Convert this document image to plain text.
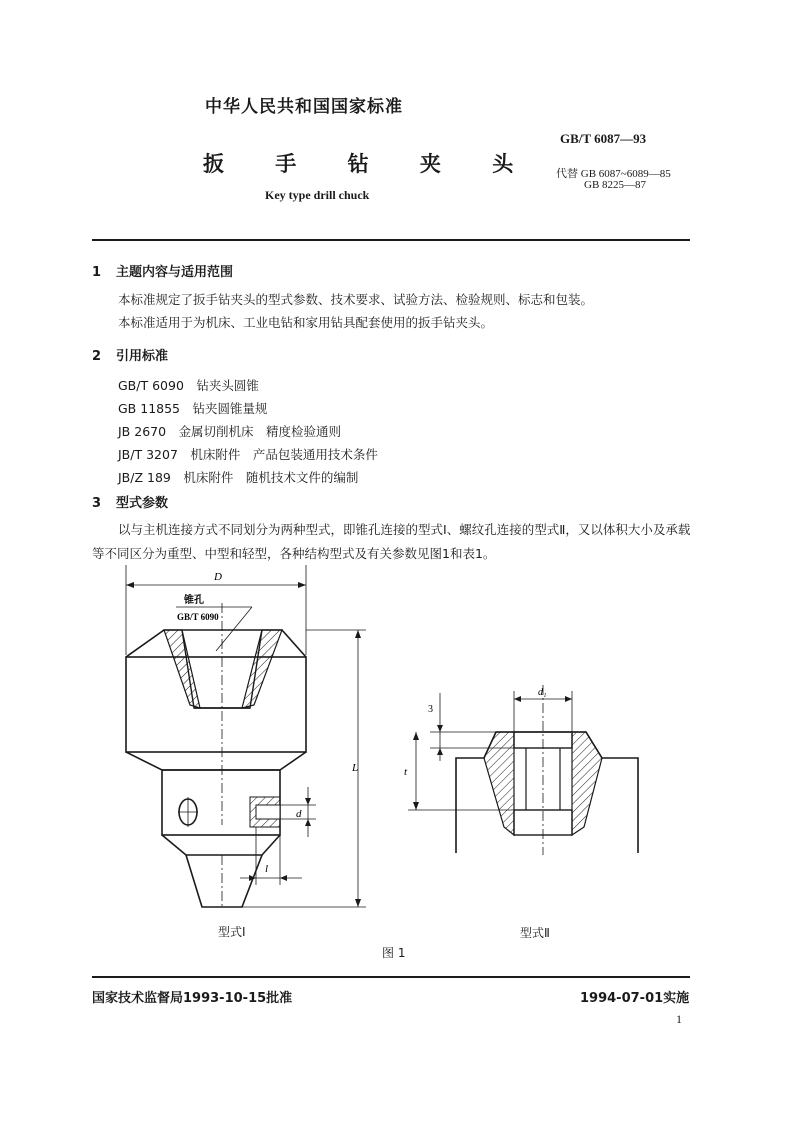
中华人民共和国国家标准
扳 手 钻 夹 头
Key type drill chuck
GB/T 6087—93
代替 GB 6087~6089—85
GB 8225—87
1 主题内容与适用范围
本标准规定了扳手钻夹头的型式参数、技术要求、试验方法、检验规则、标志和包装。
本标准适用于为机床、工业电钻和家用钻具配套使用的扳手钻夹头。
2 引用标准
GB/T 6090　钻夹头圆锥
GB 11855　钻夹圆锥量规
JB 2670　金属切削机床　精度检验通则
JB/T 3207　机床附件　产品包装通用技术条件
JB/Z 189　机床附件　随机技术文件的编制
3 型式参数
以与主机连接方式不同划分为两种型式，即锥孔连接的型式Ⅰ、螺纹孔连接的型式Ⅱ，又以体积大小及承载等不同区分为重型、中型和轻型，各种结构型式及有关参数见图1和表1。
D
锥孔
GB/T 6090
L
d
l
d₁
3
t
型式Ⅰ	型式Ⅱ
图 1
国家技术监督局1993-10-15批准	1994-07-01实施
1
